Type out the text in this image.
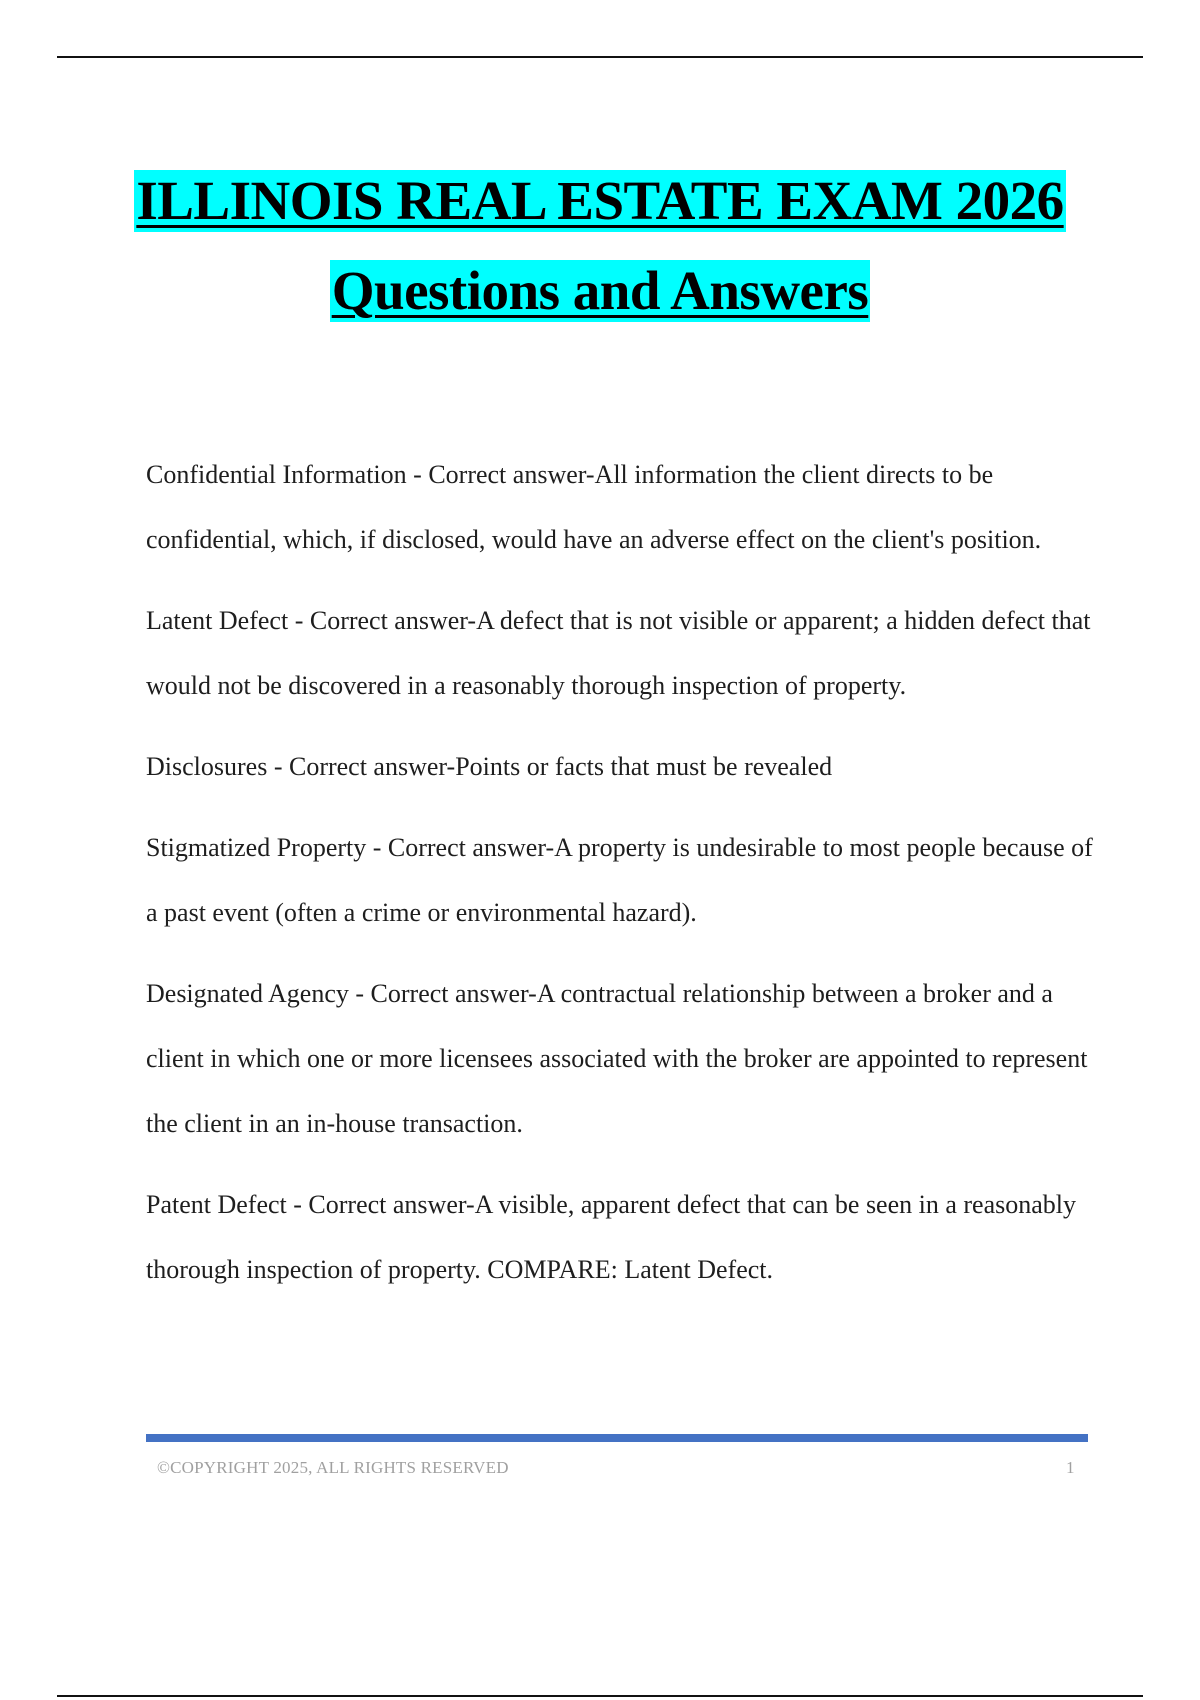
ILLINOIS REAL ESTATE EXAM 2026
Questions and Answers

Confidential Information - Correct answer-All information the client directs to be confidential, which, if disclosed, would have an adverse effect on the client's position.

Latent Defect - Correct answer-A defect that is not visible or apparent; a hidden defect that would not be discovered in a reasonably thorough inspection of property.

Disclosures - Correct answer-Points or facts that must be revealed

Stigmatized Property - Correct answer-A property is undesirable to most people because of a past event (often a crime or environmental hazard).

Designated Agency - Correct answer-A contractual relationship between a broker and a client in which one or more licensees associated with the broker are appointed to represent the client in an in-house transaction.

Patent Defect - Correct answer-A visible, apparent defect that can be seen in a reasonably thorough inspection of property. COMPARE: Latent Defect.

©COPYRIGHT 2025, ALL RIGHTS RESERVED	1
